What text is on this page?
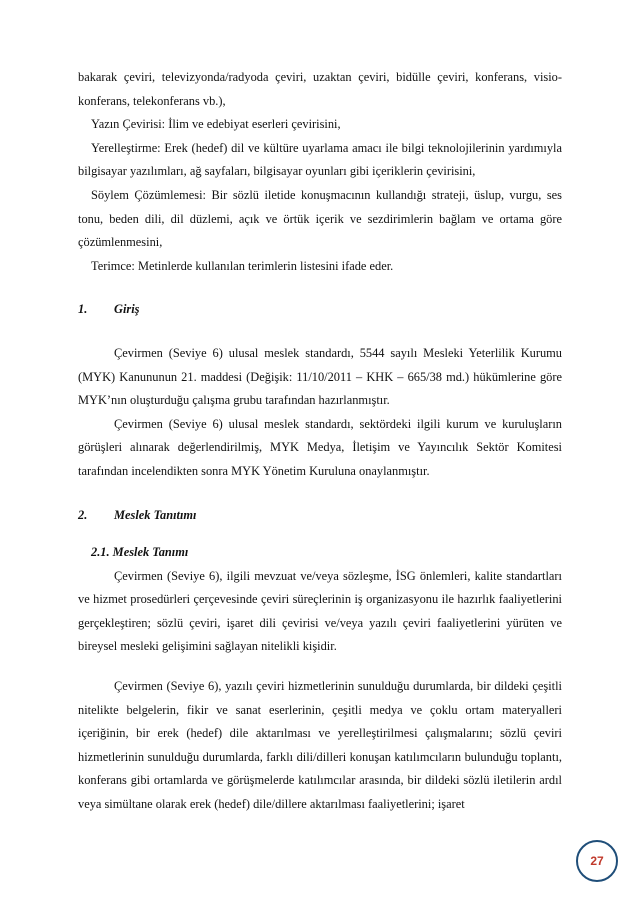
bakarak çeviri, televizyonda/radyoda çeviri, uzaktan çeviri, bidülle çeviri, konferans, visio-konferans, telekonferans vb.),

Yazın Çevirisi: İlim ve edebiyat eserleri çevirisini,

Yerelleştirme: Erek (hedef) dil ve kültüre uyarlama amacı ile bilgi teknolojilerinin yardımıyla bilgisayar yazılımları, ağ sayfaları, bilgisayar oyunları gibi içeriklerin çevirisini,

Söylem Çözümlemesi: Bir sözlü iletide konuşmacının kullandığı strateji, üslup, vurgu, ses tonu, beden dili, dil düzlemi, açık ve örtük içerik ve sezdirimlerin bağlam ve ortama göre çözümlenmesini,

Terimce: Metinlerde kullanılan terimlerin listesini ifade eder.

1.	Giriş

Çevirmen (Seviye 6) ulusal meslek standardı, 5544 sayılı Mesleki Yeterlilik Kurumu (MYK) Kanununun 21. maddesi (Değişik: 11/10/2011 – KHK – 665/38 md.) hükümlerine göre MYK’nın oluşturduğu çalışma grubu tarafından hazırlanmıştır.

Çevirmen (Seviye 6) ulusal meslek standardı, sektördeki ilgili kurum ve kuruluşların görüşleri alınarak değerlendirilmiş, MYK Medya, İletişim ve Yayıncılık Sektör Komitesi tarafından incelendikten sonra MYK Yönetim Kuruluna onaylanmıştır.

2.	Meslek Tanıtımı

2.1. Meslek Tanımı

Çevirmen (Seviye 6), ilgili mevzuat ve/veya sözleşme, İSG önlemleri, kalite standartları ve hizmet prosedürleri çerçevesinde çeviri süreçlerinin iş organizasyonu ile hazırlık faaliyetlerini gerçekleştiren; sözlü çeviri, işaret dili çevirisi ve/veya yazılı çeviri faaliyetlerini yürüten ve bireysel mesleki gelişimini sağlayan nitelikli kişidir.

Çevirmen (Seviye 6), yazılı çeviri hizmetlerinin sunulduğu durumlarda, bir dildeki çeşitli nitelikte belgelerin, fikir ve sanat eserlerinin, çeşitli medya ve çoklu ortam materyalleri içeriğinin, bir erek (hedef) dile aktarılması ve yerelleştirilmesi çalışmalarını; sözlü çeviri hizmetlerinin sunulduğu durumlarda, farklı dili/dilleri konuşan katılımcıların bulunduğu toplantı, konferans gibi ortamlarda ve görüşmelerde katılımcılar arasında, bir dildeki sözlü iletilerin ardıl veya simültane olarak erek (hedef) dile/dillere aktarılması faaliyetlerini; işaret

27
